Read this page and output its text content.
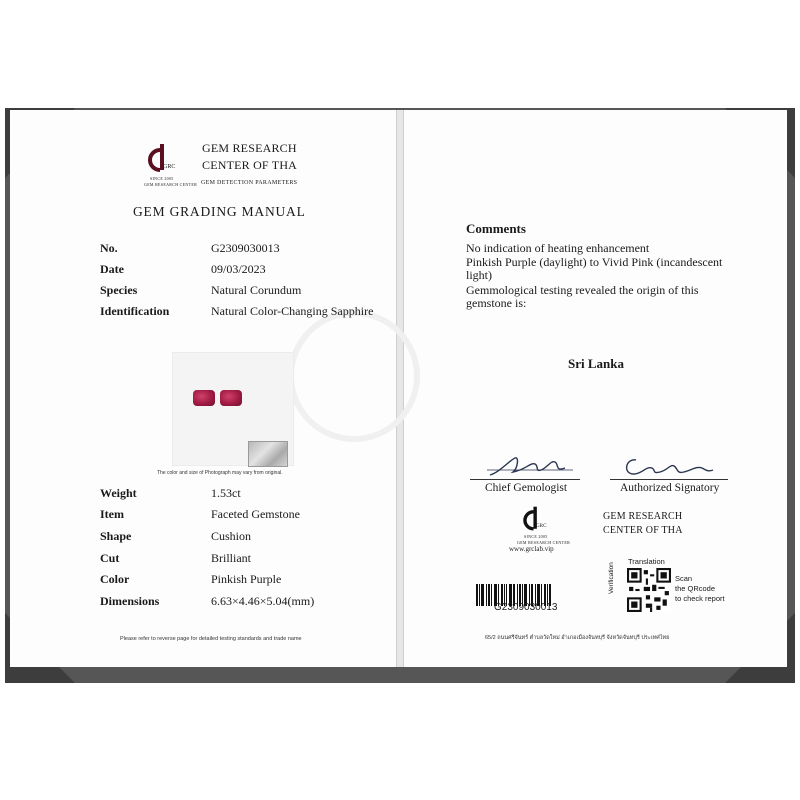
GRC
SINCE 2005
GEM RESEARCH CENTER
GEM RESEARCH
CENTER OF THA
GEM DETECTION PARAMETERS
GEM GRADING MANUAL
No.	G2309030013
Date	09/03/2023
Species	Natural Corundum
Identification	Natural Color-Changing Sapphire
The color and size of Photograph may vary from original.
Weight	1.53ct
Item	Faceted Gemstone
Shape	Cushion
Cut	Brilliant
Color	Pinkish Purple
Dimensions	6.63×4.46×5.04(mm)
Please refer to reverse page for detailed testing standards and trade name
Comments
No indication of heating enhancement
Pinkish Purple (daylight) to Vivid Pink (incandescent light)
Gemmological testing revealed the origin of this gemstone is:
Sri Lanka
Chief Gemologist	Authorized Signatory
GRC
SINCE 2005
GEM RESEARCH CENTER
www.grclab.vip
GEM RESEARCH
CENTER OF THA
G2309030013
Translation
Verification	Scan
the QRcode
to check report
65/2 ถนนศรีจันทร์ ตำบลวัดใหม่ อำเภอเมืองจันทบุรี จังหวัดจันทบุรี ประเทศไทย
